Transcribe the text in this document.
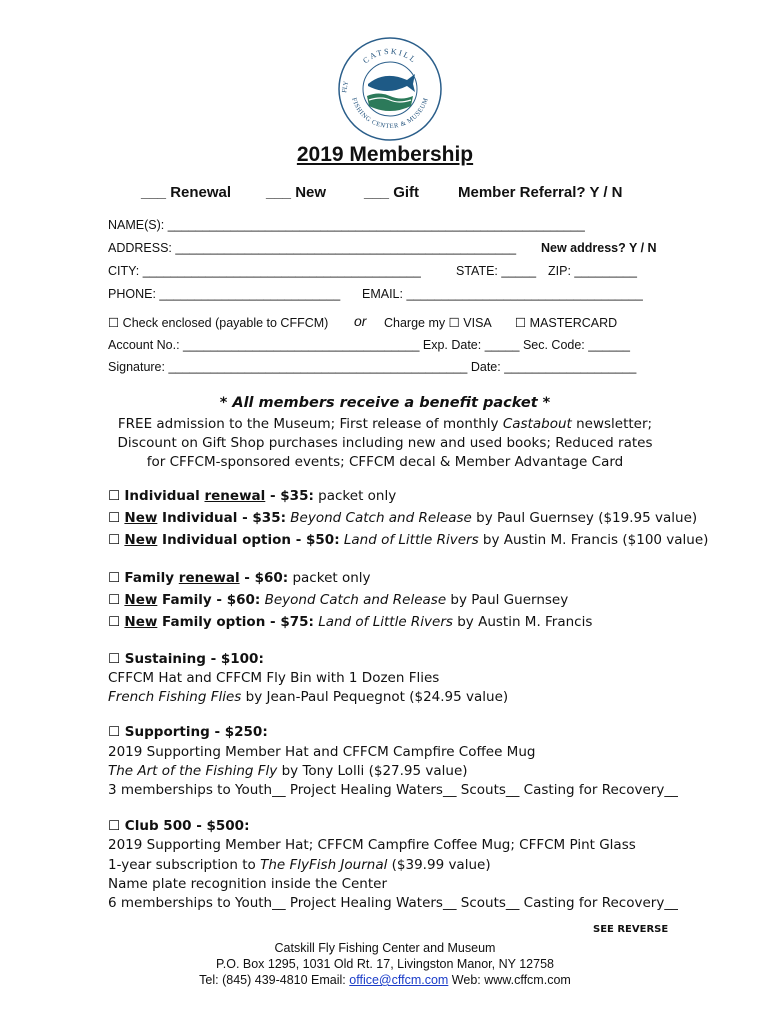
CATSKILL
FISHING CENTER & MUSEUM
FLY
2019 Membership
___ Renewal ___ New	___ Gift	Member Referral? Y / N
NAME(S): ____________________________________________________________
ADDRESS: _________________________________________________ New address? Y / N
CITY: ________________________________________	STATE: _____ ZIP: _________
PHONE: __________________________ EMAIL: __________________________________
☐ Check enclosed (payable to CFFCM) or Charge my ☐ VISA ☐ MASTERCARD
Account No.: __________________________________ Exp. Date: _____ Sec. Code: ______
Signature: ___________________________________________ Date: ___________________
* All members receive a benefit packet *
FREE admission to the Museum; First release of monthly Castabout newsletter;
Discount on Gift Shop purchases including new and used books; Reduced rates
for CFFCM-sponsored events; CFFCM decal & Member Advantage Card
☐ Individual renewal - $35: packet only
☐ New Individual - $35: Beyond Catch and Release by Paul Guernsey ($19.95 value)
☐ New Individual option - $50: Land of Little Rivers by Austin M. Francis ($100 value)
☐ Family renewal - $60: packet only
☐ New Family - $60: Beyond Catch and Release by Paul Guernsey
☐ New Family option - $75: Land of Little Rivers by Austin M. Francis
☐ Sustaining - $100:
CFFCM Hat and CFFCM Fly Bin with 1 Dozen Flies
French Fishing Flies by Jean-Paul Pequegnot ($24.95 value)
☐ Supporting - $250:
2019 Supporting Member Hat and CFFCM Campfire Coffee Mug
The Art of the Fishing Fly by Tony Lolli ($27.95 value)
3 memberships to Youth__ Project Healing Waters__ Scouts__ Casting for Recovery__
☐ Club 500 - $500:
2019 Supporting Member Hat; CFFCM Campfire Coffee Mug; CFFCM Pint Glass
1-year subscription to The FlyFish Journal ($39.99 value)
Name plate recognition inside the Center
6 memberships to Youth__ Project Healing Waters__ Scouts__ Casting for Recovery__
SEE REVERSE
Catskill Fly Fishing Center and Museum
P.O. Box 1295, 1031 Old Rt. 17, Livingston Manor, NY 12758
Tel: (845) 439-4810 Email: office@cffcm.com Web: www.cffcm.com
